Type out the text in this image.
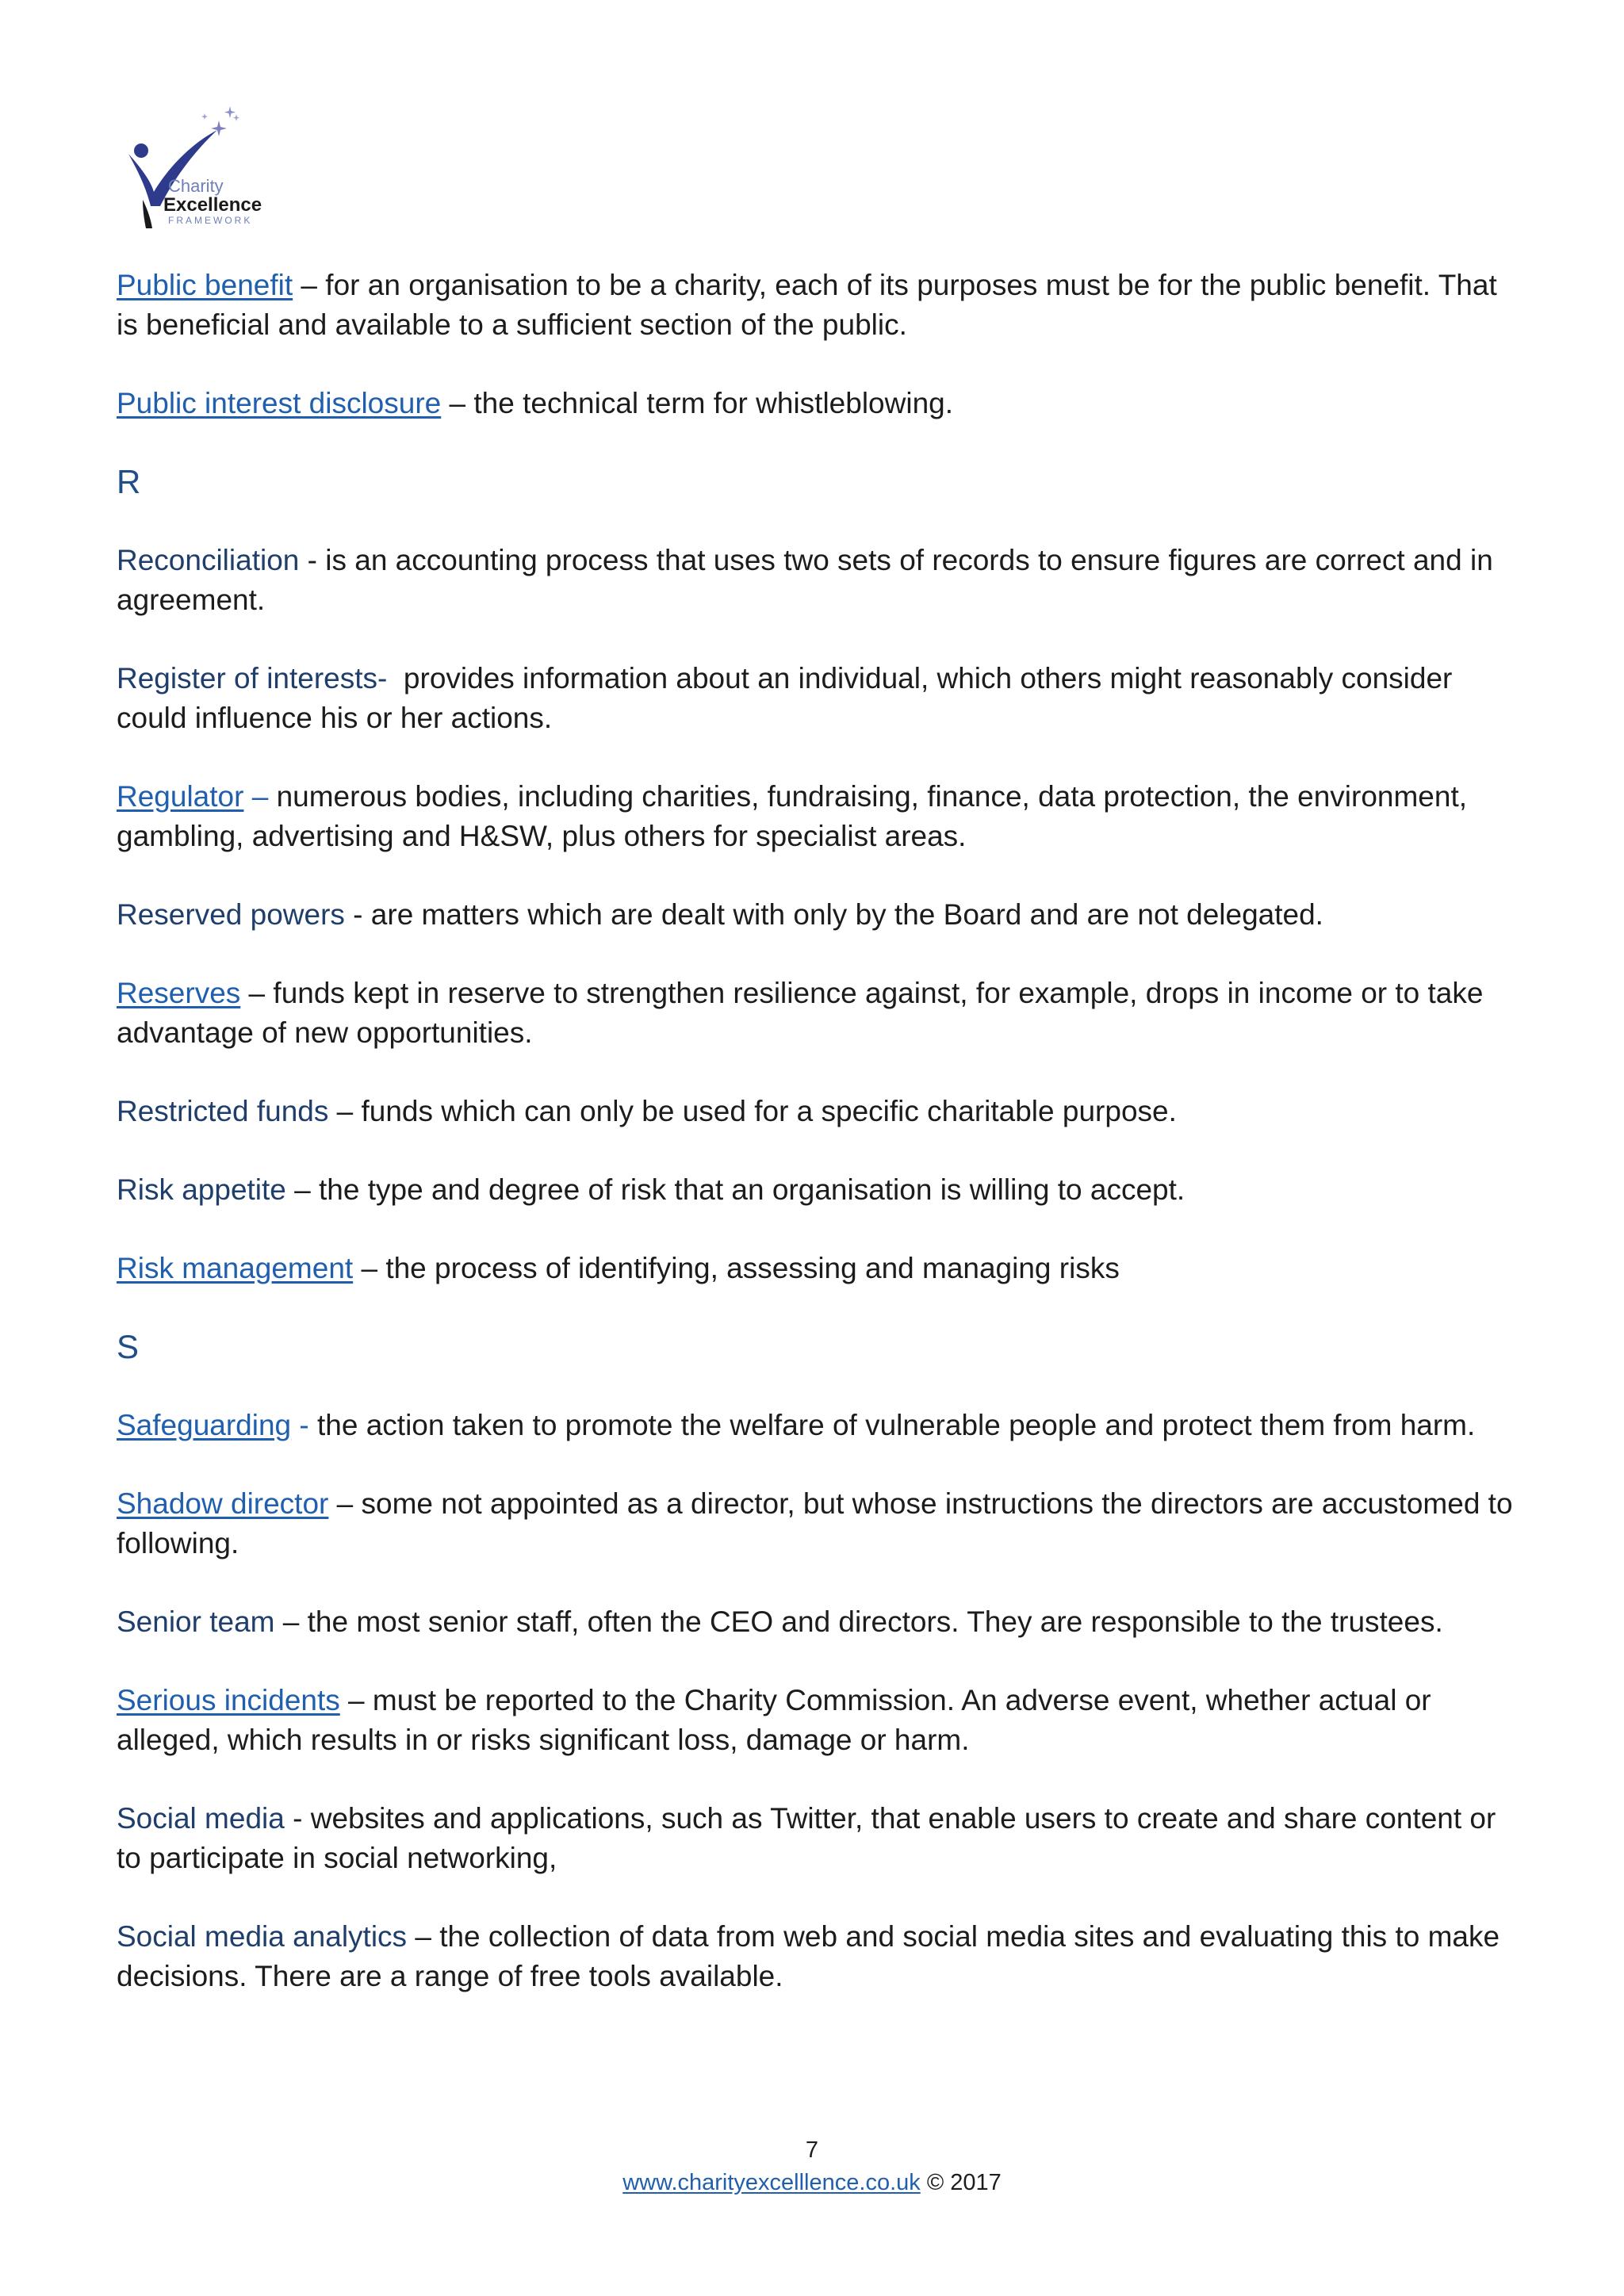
Charity
Excellence
FRAMEWORK
Public benefit – for an organisation to be a charity, each of its purposes must be for the public benefit. That is beneficial and available to a sufficient section of the public.
Public interest disclosure – the technical term for whistleblowing.
R
Reconciliation - is an accounting process that uses two sets of records to ensure figures are correct and in agreement.
Register of interests-  provides information about an individual, which others might reasonably consider could influence his or her actions.
Regulator – numerous bodies, including charities, fundraising, finance, data protection, the environment, gambling, advertising and H&SW, plus others for specialist areas.
Reserved powers - are matters which are dealt with only by the Board and are not delegated.
Reserves – funds kept in reserve to strengthen resilience against, for example, drops in income or to take advantage of new opportunities.
Restricted funds – funds which can only be used for a specific charitable purpose.
Risk appetite – the type and degree of risk that an organisation is willing to accept.
Risk management – the process of identifying, assessing and managing risks
S
Safeguarding - the action taken to promote the welfare of vulnerable people and protect them from harm.
Shadow director – some not appointed as a director, but whose instructions the directors are accustomed to following.
Senior team – the most senior staff, often the CEO and directors. They are responsible to the trustees.
Serious incidents – must be reported to the Charity Commission. An adverse event, whether actual or alleged, which results in or risks significant loss, damage or harm.
Social media - websites and applications, such as Twitter, that enable users to create and share content or to participate in social networking,
Social media analytics – the collection of data from web and social media sites and evaluating this to make decisions. There are a range of free tools available.
7
www.charityexcelllence.co.uk © 2017
